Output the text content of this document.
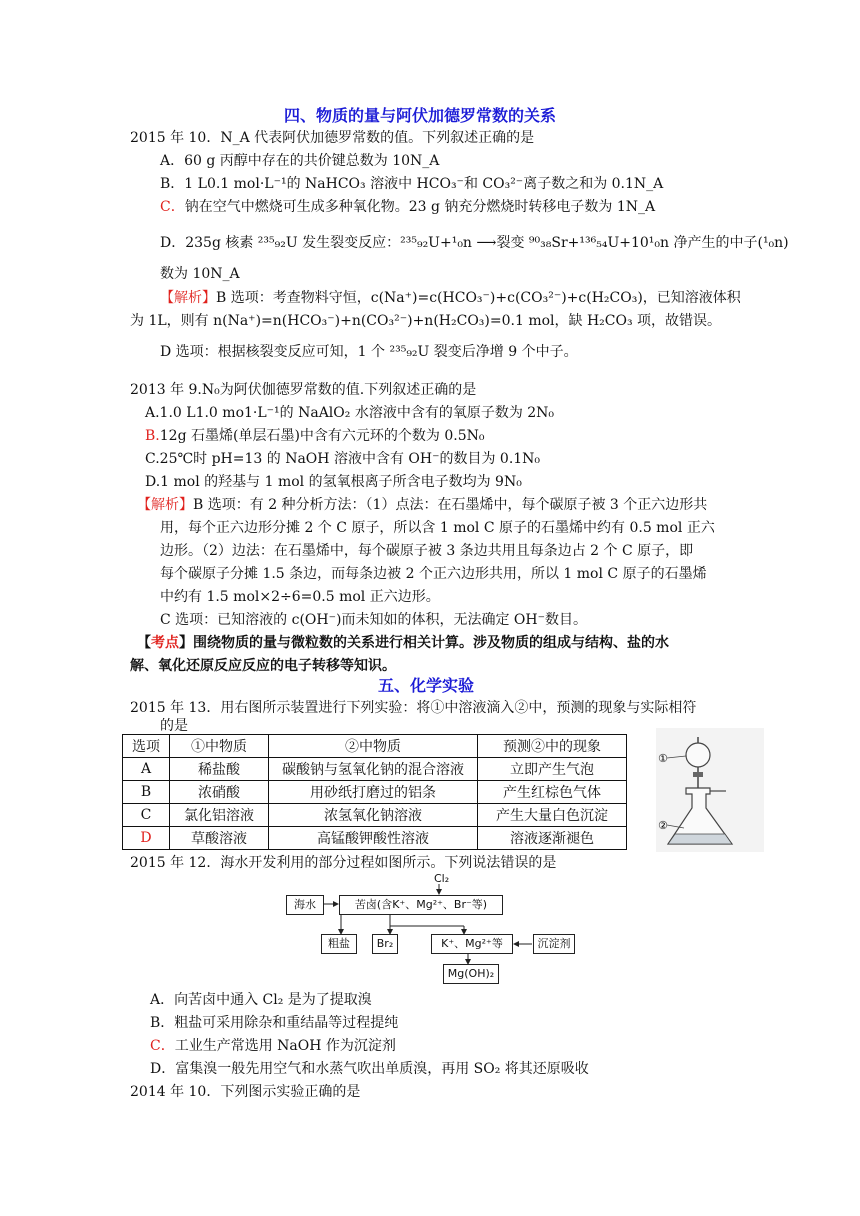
四、物质的量与阿伏加德罗常数的关系
2015 年 10．N_A 代表阿伏加德罗常数的值。下列叙述正确的是
A．60 g 丙醇中存在的共价键总数为 10N_A
B．1 L0.1 mol·L⁻¹的 NaHCO₃ 溶液中 HCO₃⁻和 CO₃²⁻离子数之和为 0.1N_A
C．钠在空气中燃烧可生成多种氧化物。23 g 钠充分燃烧时转移电子数为 1N_A
D．235g 核素 ²³⁵₉₂U 发生裂变反应：²³⁵₉₂U+¹₀n ⟶裂变 ⁹⁰₃₈Sr+¹³⁶₅₄U+10¹₀n 净产生的中子(¹₀n)
数为 10N_A
【解析】B 选项：考查物料守恒，c(Na⁺)=c(HCO₃⁻)+c(CO₃²⁻)+c(H₂CO₃)，已知溶液体积
为 1L，则有 n(Na⁺)=n(HCO₃⁻)+n(CO₃²⁻)+n(H₂CO₃)=0.1 mol，缺 H₂CO₃ 项，故错误。
D 选项：根据核裂变反应可知，1 个 ²³⁵₉₂U 裂变后净增 9 个中子。
2013 年 9.N₀为阿伏伽德罗常数的值.下列叙述正确的是
A.1.0 L1.0 mo1·L⁻¹的 NaAlO₂ 水溶液中含有的氧原子数为 2N₀
B.12g 石墨烯(单层石墨)中含有六元环的个数为 0.5N₀
C.25℃时 pH=13 的 NaOH 溶液中含有 OH⁻的数目为 0.1N₀
D.1 mol 的羟基与 1 mol 的氢氧根离子所含电子数均为 9N₀
【解析】B 选项：有 2 种分析方法：（1）点法：在石墨烯中，每个碳原子被 3 个正六边形共
用，每个正六边形分摊 2 个 C 原子，所以含 1 mol C 原子的石墨烯中约有 0.5 mol 正六
边形。（2）边法：在石墨烯中，每个碳原子被 3 条边共用且每条边占 2 个 C 原子，即
每个碳原子分摊 1.5 条边，而每条边被 2 个正六边形共用，所以 1 mol C 原子的石墨烯
中约有 1.5 mol×2÷6=0.5 mol 正六边形。
C 选项：已知溶液的 c(OH⁻)而未知如的体积，无法确定 OH⁻数目。
【考点】围绕物质的量与微粒数的关系进行相关计算。涉及物质的组成与结构、盐的水
解、氧化还原反应反应的电子转移等知识。
五、化学实验
2015 年 13．用右图所示装置进行下列实验：将①中溶液滴入②中，预测的现象与实际相符
的是
选项	①中物质	②中物质	预测②中的现象
A	稀盐酸	碳酸钠与氢氧化钠的混合溶液	立即产生气泡
B	浓硝酸	用砂纸打磨过的铝条	产生红棕色气体
C	氯化铝溶液	浓氢氧化钠溶液	产生大量白色沉淀
D	草酸溶液	高锰酸钾酸性溶液	溶液逐渐褪色
①
②
2015 年 12．海水开发利用的部分过程如图所示。下列说法错误的是
Cl₂
海水	苦卤(含K⁺、Mg²⁺、Br⁻等)
粗盐	Br₂	K⁺、Mg²⁺等	沉淀剂
Mg(OH)₂
A．向苦卤中通入 Cl₂ 是为了提取溴
B．粗盐可采用除杂和重结晶等过程提纯
C．工业生产常选用 NaOH 作为沉淀剂
D．富集溴一般先用空气和水蒸气吹出单质溴，再用 SO₂ 将其还原吸收
2014 年 10．下列图示实验正确的是
